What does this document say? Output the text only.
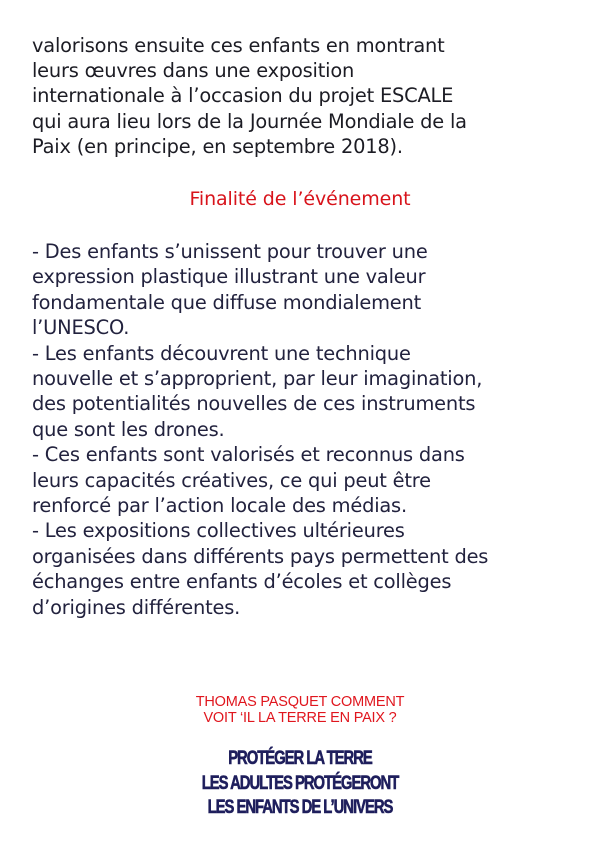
valorisons ensuite ces enfants en montrant
leurs œuvres dans une exposition
internationale à l’occasion du projet ESCALE
qui aura lieu lors de la Journée Mondiale de la
Paix (en principe, en septembre 2018).
Finalité de l’événement
- Des enfants s’unissent pour trouver une
expression plastique illustrant une valeur
fondamentale que diffuse mondialement
l’UNESCO.
- Les enfants découvrent une technique
nouvelle et s’approprient, par leur imagination,
des potentialités nouvelles de ces instruments
que sont les drones.
- Ces enfants sont valorisés et reconnus dans
leurs capacités créatives, ce qui peut être
renforcé par l’action locale des médias.
- Les expositions collectives ultérieures
organisées dans différents pays permettent des
échanges entre enfants d’écoles et collèges
d’origines différentes.
THOMAS PASQUET COMMENT
VOIT ‘IL LA TERRE EN PAIX ?
PROTÉGER LA TERRE
LES ADULTES PROTÉGERONT
LES ENFANTS DE L’UNIVERS
